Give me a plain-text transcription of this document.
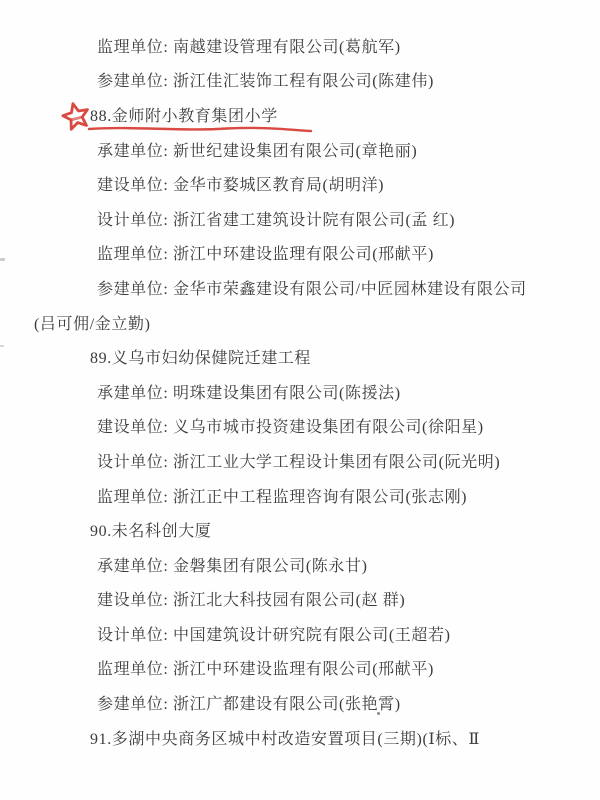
监理单位: 南越建设管理有限公司(葛航军)
参建单位: 浙江佳汇装饰工程有限公司(陈建伟)
88.金师附小教育集团小学
承建单位: 新世纪建设集团有限公司(章艳丽)
建设单位: 金华市婺城区教育局(胡明洋)
设计单位: 浙江省建工建筑设计院有限公司(孟 红)
监理单位: 浙江中环建设监理有限公司(邢献平)
参建单位: 金华市荣鑫建设有限公司/中匠园林建设有限公司
(吕可佣/金立勤)
89.义乌市妇幼保健院迁建工程
承建单位: 明珠建设集团有限公司(陈援法)
建设单位: 义乌市城市投资建设集团有限公司(徐阳星)
设计单位: 浙江工业大学工程设计集团有限公司(阮光明)
监理单位: 浙江正中工程监理咨询有限公司(张志刚)
90.未名科创大厦
承建单位: 金磐集团有限公司(陈永甘)
建设单位: 浙江北大科技园有限公司(赵 群)
设计单位: 中国建筑设计研究院有限公司(王超若)
监理单位: 浙江中环建设监理有限公司(邢献平)
参建单位: 浙江广都建设有限公司(张艳霄)
91.多湖中央商务区城中村改造安置项目(三期)(Ⅰ标、Ⅱ
